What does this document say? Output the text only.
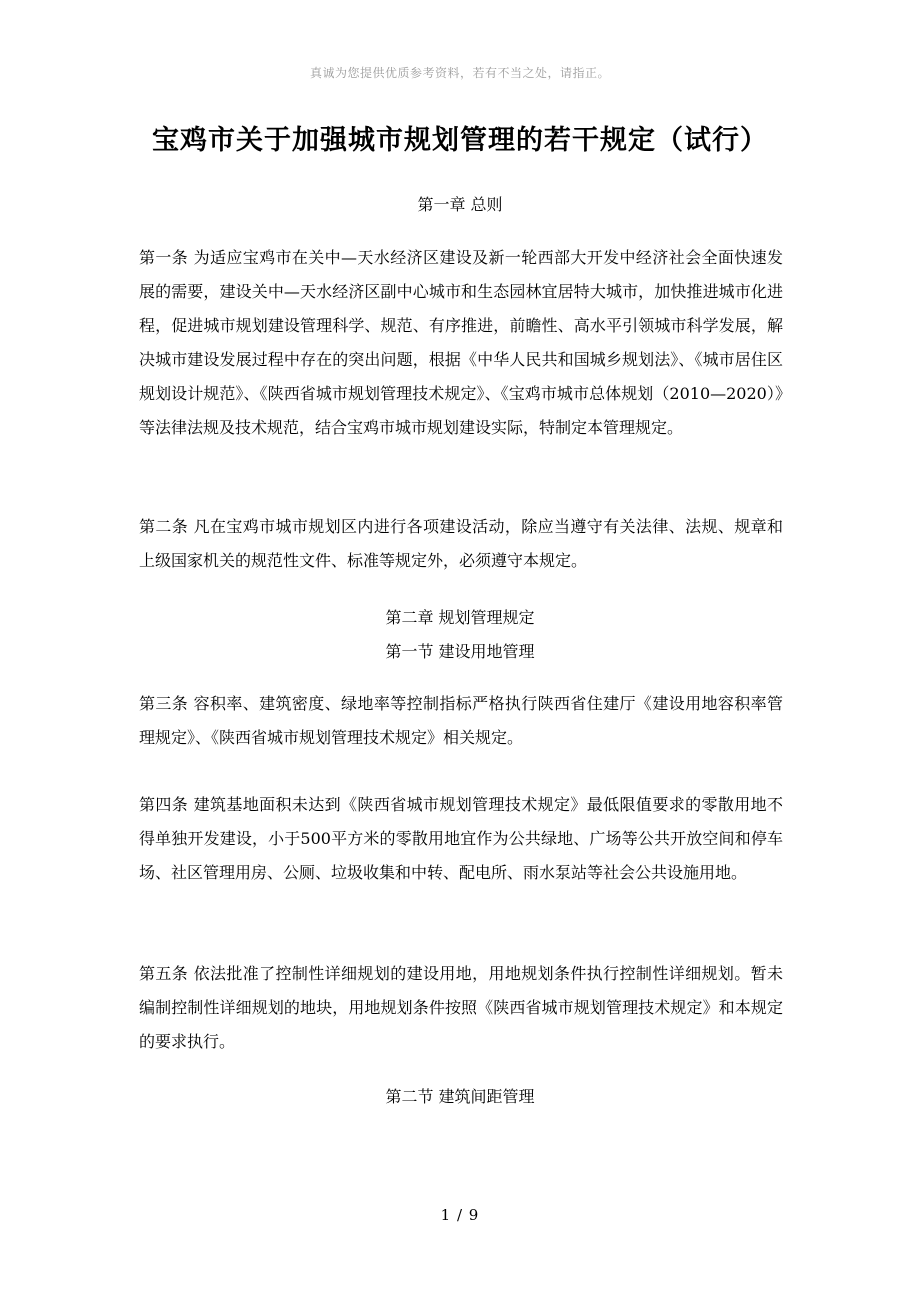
真诚为您提供优质参考资料，若有不当之处，请指正。
宝鸡市关于加强城市规划管理的若干规定（试行）

第一章 总则

第一条 为适应宝鸡市在关中—天水经济区建设及新一轮西部大开发中经济社会全面快速发展的需要，建设关中—天水经济区副中心城市和生态园林宜居特大城市，加快推进城市化进程，促进城市规划建设管理科学、规范、有序推进，前瞻性、高水平引领城市科学发展，解决城市建设发展过程中存在的突出问题，根据《中华人民共和国城乡规划法》、《城市居住区规划设计规范》、《陕西省城市规划管理技术规定》、《宝鸡市城市总体规划（2010—2020）》等法律法规及技术规范，结合宝鸡市城市规划建设实际，特制定本管理规定。

第二条 凡在宝鸡市城市规划区内进行各项建设活动，除应当遵守有关法律、法规、规章和上级国家机关的规范性文件、标准等规定外，必须遵守本规定。

第二章 规划管理规定

第一节 建设用地管理

第三条 容积率、建筑密度、绿地率等控制指标严格执行陕西省住建厅《建设用地容积率管理规定》、《陕西省城市规划管理技术规定》相关规定。

第四条 建筑基地面积未达到《陕西省城市规划管理技术规定》最低限值要求的零散用地不得单独开发建设，小于500平方米的零散用地宜作为公共绿地、广场等公共开放空间和停车场、社区管理用房、公厕、垃圾收集和中转、配电所、雨水泵站等社会公共设施用地。

第五条 依法批准了控制性详细规划的建设用地，用地规划条件执行控制性详细规划。暂未编制控制性详细规划的地块，用地规划条件按照《陕西省城市规划管理技术规定》和本规定的要求执行。

第二节 建筑间距管理

1 / 9
